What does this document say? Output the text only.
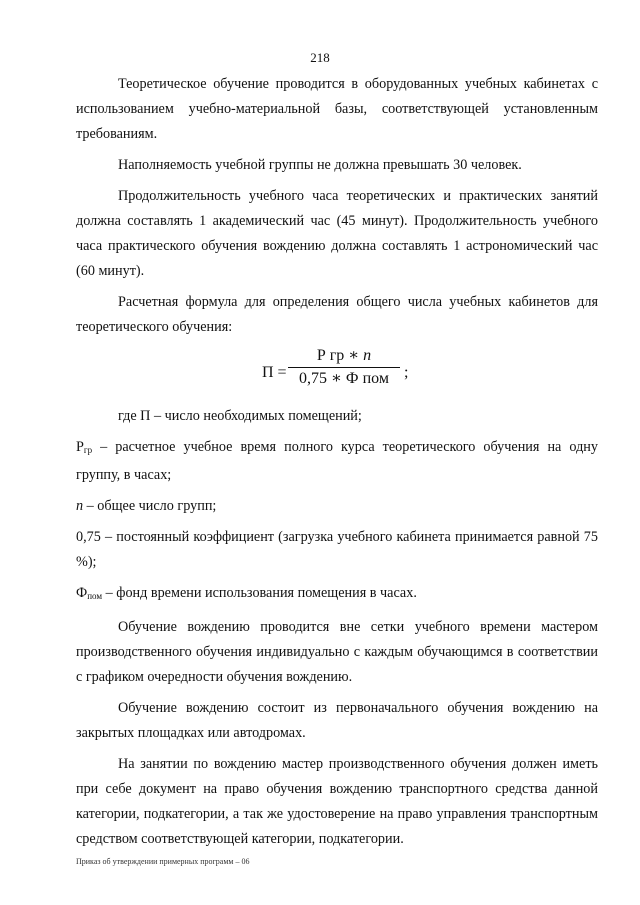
218

Теоретическое обучение проводится в оборудованных учебных кабинетах с использованием учебно-материальной базы, соответствующей установленным требованиям.

Наполняемость учебной группы не должна превышать 30 человек.

Продолжительность учебного часа теоретических и практических занятий должна составлять 1 академический час (45 минут). Продолжительность учебного часа практического обучения вождению должна составлять 1 астрономический час (60 минут).

Расчетная формула для определения общего числа учебных кабинетов для теоретического обучения:

П =
Р гр ∗ n
0,75 ∗ Ф пом ;

где П – число необходимых помещений;

$Р_{гр}$ – расчетное учебное время полного курса теоретического обучения на одну группу, в часах;

n – общее число групп;

0,75 – постоянный коэффициент (загрузка учебного кабинета принимается равной 75 %);

$Ф_{пом}$ – фонд времени использования помещения в часах.

Обучение вождению проводится вне сетки учебного времени мастером производственного обучения индивидуально с каждым обучающимся в соответствии с графиком очередности обучения вождению.

Обучение вождению состоит из первоначального обучения вождению на закрытых площадках или автодромах.

На занятии по вождению мастер производственного обучения должен иметь при себе документ на право обучения вождению транспортного средства данной категории, подкатегории, а так же удостоверение на право управления транспортным средством соответствующей категории, подкатегории.

Приказ об утверждении примерных программ – 06
